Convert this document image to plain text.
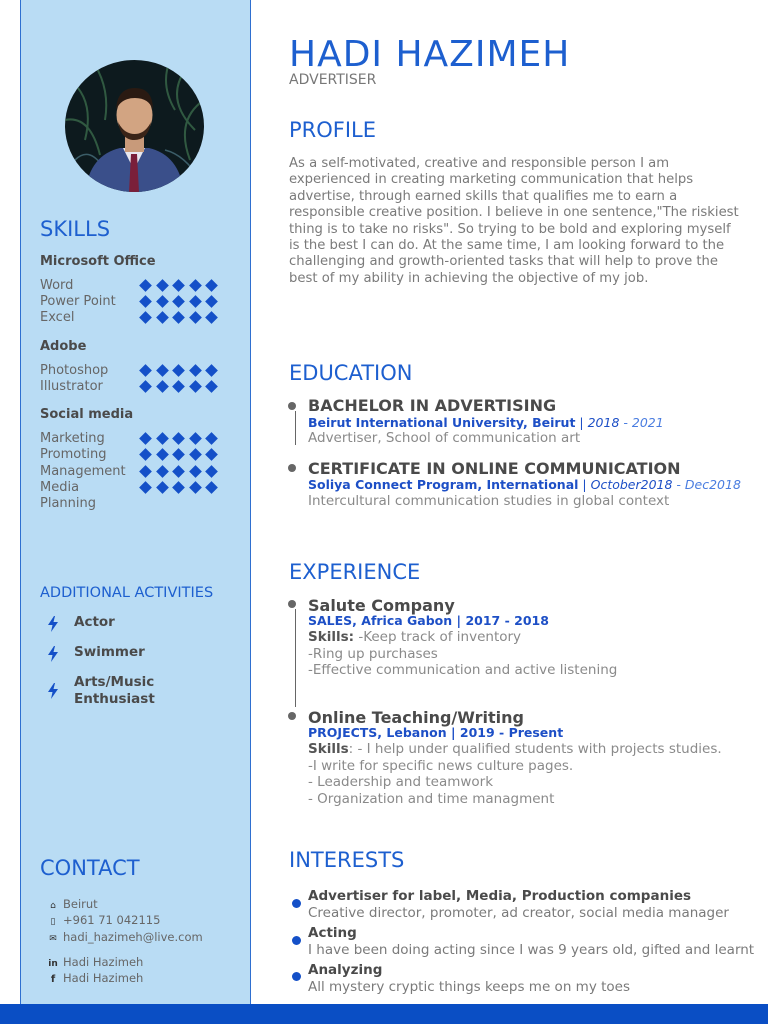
SKILLS
Microsoft Office
Word
Power Point
Excel
Adobe
Photoshop
Illustrator
Social media
Marketing
Promoting
Management
Media
Planning
ADDITIONAL ACTIVITIES
Actor
Swimmer
Arts/Music
Enthusiast
CONTACT
⌂ Beirut
▯ +961 71 042115
✉ hadi_hazimeh@live.com
in Hadi Hazimeh
f Hadi Hazimeh
HADI HAZIMEH
ADVERTISER
PROFILE
As a self-motivated, creative and responsible person I am experienced in creating marketing communication that helps advertise, through earned skills that qualifies me to earn a responsible creative position. I believe in one sentence,"The riskiest thing is to take no risks". So trying to be bold and exploring myself is the best I can do. At the same time, I am looking forward to the challenging and growth-oriented tasks that will help to prove the best of my ability in achieving the objective of my job.
EDUCATION
BACHELOR IN ADVERTISING
Beirut International University, Beirut | 2018 - 2021
Advertiser, School of communication art
CERTIFICATE IN ONLINE COMMUNICATION
Soliya Connect Program, International | October2018 - Dec2018
Intercultural communication studies in global context
EXPERIENCE
Salute Company
SALES, Africa Gabon | 2017 - 2018
Skills: -Keep track of inventory
-Ring up purchases
-Effective communication and active listening
Online Teaching/Writing
PROJECTS, Lebanon | 2019 - Present
Skills: - I help under qualified students with projects studies.
-I write for specific news culture pages.
- Leadership and teamwork
- Organization and time managment
INTERESTS
Advertiser for label, Media, Production companies
Creative director, promoter, ad creator, social media manager
Acting
I have been doing acting since I was 9 years old, gifted and learnt
Analyzing
All mystery cryptic things keeps me on my toes
